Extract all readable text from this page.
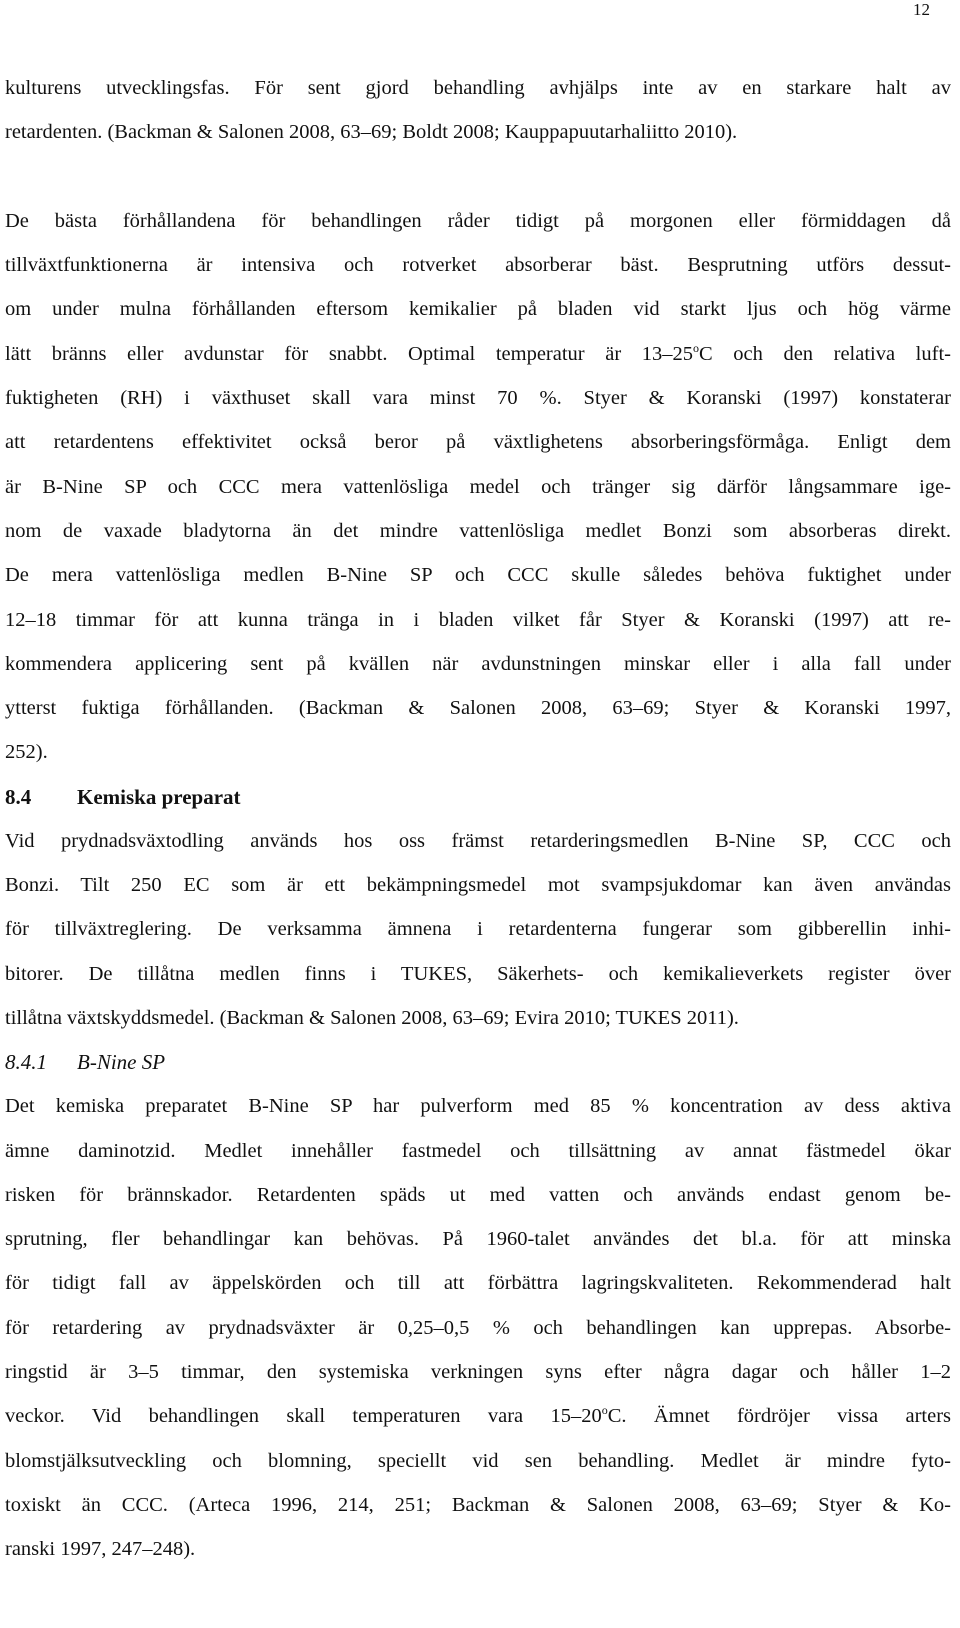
12
kulturens utvecklingsfas. För sent gjord behandling avhjälps inte av en starkare halt av
retardenten. (Backman & Salonen 2008, 63–69; Boldt 2008; Kauppapuutarhaliitto 2010).
De bästa förhållandena för behandlingen råder tidigt på morgonen eller förmiddagen då
tillväxtfunktionerna är intensiva och rotverket absorberar bäst. Besprutning utförs dessut-
om under mulna förhållanden eftersom kemikalier på bladen vid starkt ljus och hög värme
lätt bränns eller avdunstar för snabbt. Optimal temperatur är 13–25$^o$C och den relativa luft-
fuktigheten (RH) i växthuset skall vara minst 70 %. Styer & Koranski (1997) konstaterar
att retardentens effektivitet också beror på växtlighetens absorberingsförmåga. Enligt dem
är B-Nine SP och CCC mera vattenlösliga medel och tränger sig därför långsammare ige-
nom de vaxade bladytorna än det mindre vattenlösliga medlet Bonzi som absorberas direkt.
De mera vattenlösliga medlen B-Nine SP och CCC skulle således behöva fuktighet under
12–18 timmar för att kunna tränga in i bladen vilket får Styer & Koranski (1997) att re-
kommendera applicering sent på kvällen när avdunstningen minskar eller i alla fall under
ytterst fuktiga förhållanden. (Backman & Salonen 2008, 63–69; Styer & Koranski 1997,
252).
8.4 Kemiska preparat
Vid prydnadsväxtodling används hos oss främst retarderingsmedlen B-Nine SP, CCC och
Bonzi. Tilt 250 EC som är ett bekämpningsmedel mot svampsjukdomar kan även användas
för tillväxtreglering. De verksamma ämnena i retardenterna fungerar som gibberellin inhi-
bitorer. De tillåtna medlen finns i TUKES, Säkerhets- och kemikalieverkets register över
tillåtna växtskyddsmedel. (Backman & Salonen 2008, 63–69; Evira 2010; TUKES 2011).
8.4.1 B-Nine SP
Det kemiska preparatet B-Nine SP har pulverform med 85 % koncentration av dess aktiva
ämne daminotzid. Medlet innehåller fastmedel och tillsättning av annat fästmedel ökar
risken för brännskador. Retardenten späds ut med vatten och används endast genom be-
sprutning, fler behandlingar kan behövas. På 1960-talet användes det bl.a. för att minska
för tidigt fall av äppelskörden och till att förbättra lagringskvaliteten. Rekommenderad halt
för retardering av prydnadsväxter är 0,25–0,5 % och behandlingen kan upprepas. Absorbe-
ringstid är 3–5 timmar, den systemiska verkningen syns efter några dagar och håller 1–2
veckor. Vid behandlingen skall temperaturen vara 15–20$^o$C. Ämnet fördröjer vissa arters
blomstjälksutveckling och blomning, speciellt vid sen behandling. Medlet är mindre fyto-
toxiskt än CCC. (Arteca 1996, 214, 251; Backman & Salonen 2008, 63–69; Styer & Ko-
ranski 1997, 247–248).
